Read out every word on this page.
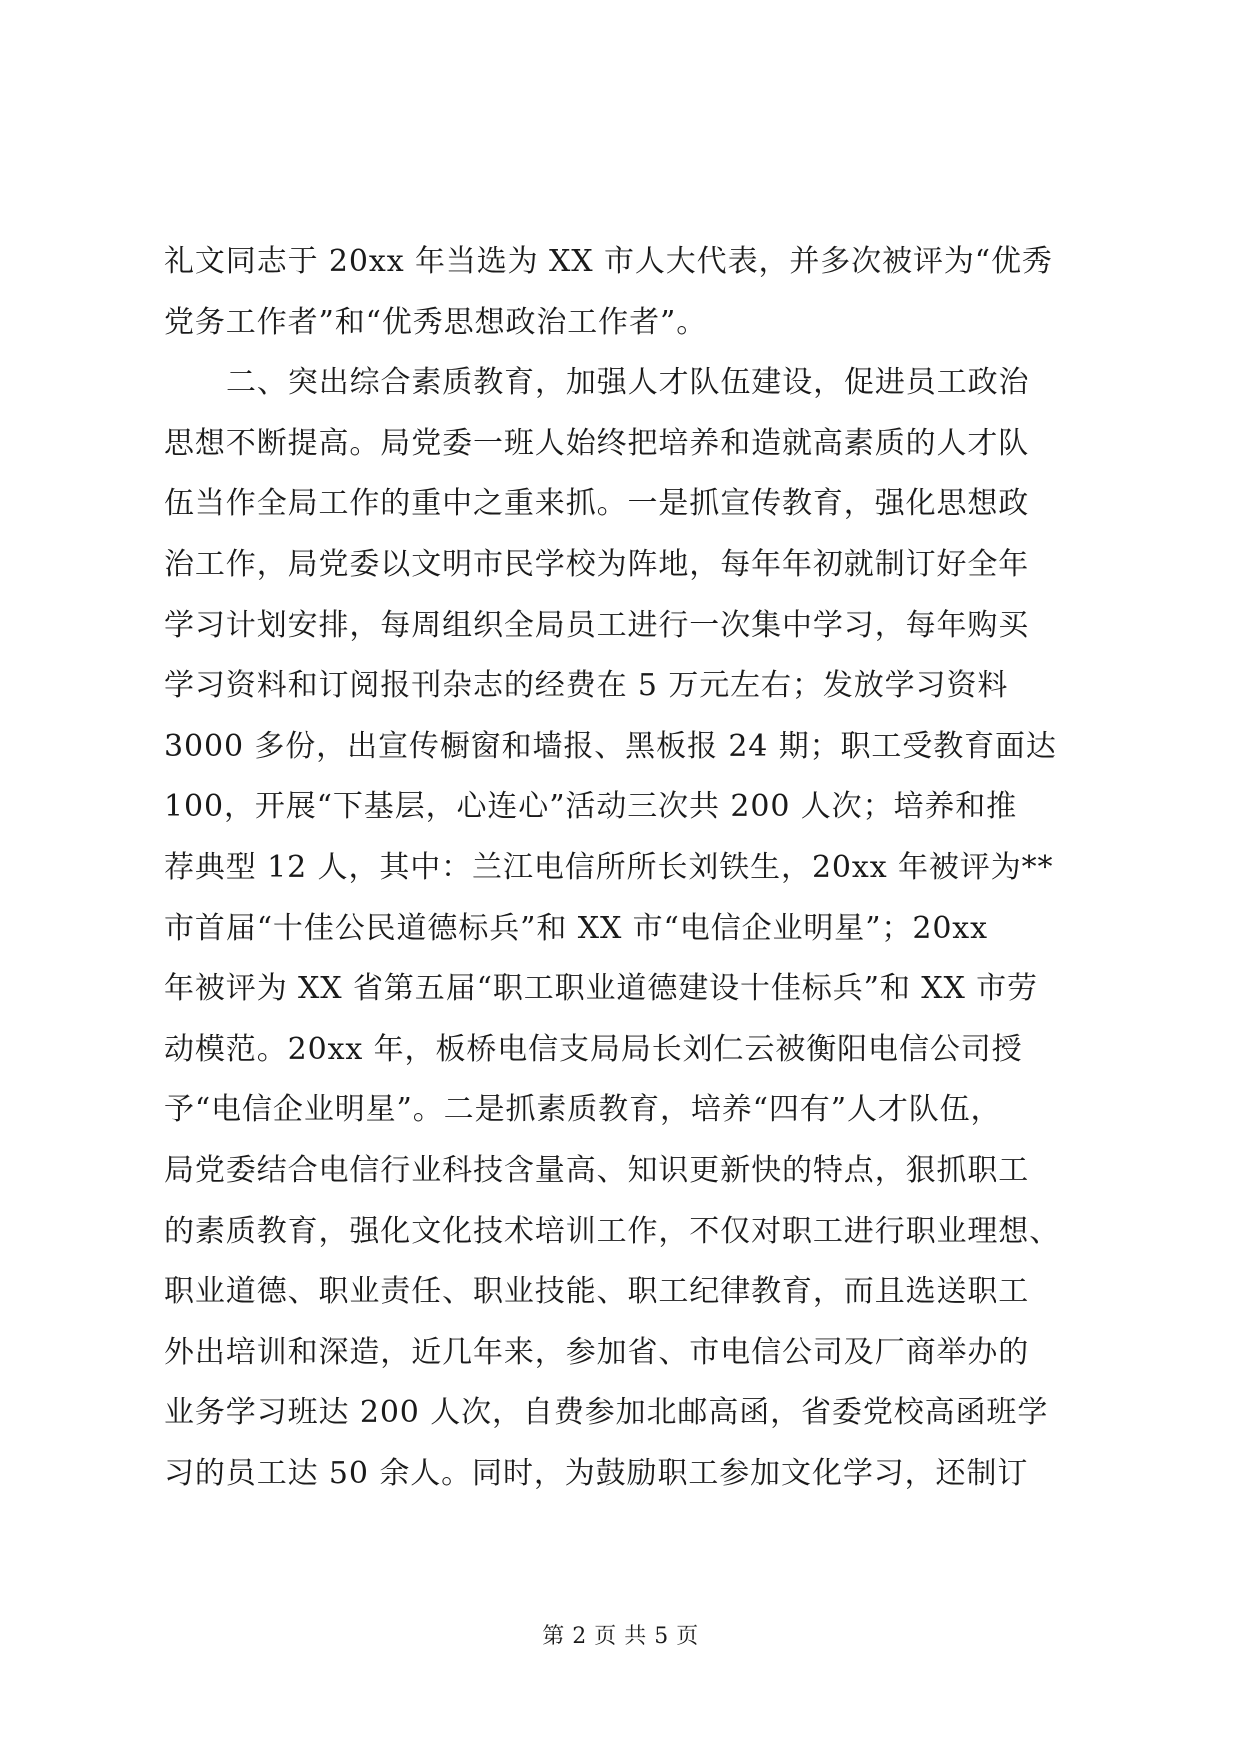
礼文同志于 20xx 年当选为 XX 市人大代表，并多次被评为“优秀
党务工作者”和“优秀思想政治工作者”。
二、突出综合素质教育，加强人才队伍建设，促进员工政治
思想不断提高。局党委一班人始终把培养和造就高素质的人才队
伍当作全局工作的重中之重来抓。一是抓宣传教育，强化思想政
治工作，局党委以文明市民学校为阵地，每年年初就制订好全年
学习计划安排，每周组织全局员工进行一次集中学习，每年购买
学习资料和订阅报刊杂志的经费在 5 万元左右；发放学习资料
3000 多份，出宣传橱窗和墙报、黑板报 24 期；职工受教育面达
100，开展“下基层，心连心”活动三次共 200 人次；培养和推
荐典型 12 人，其中：兰江电信所所长刘铁生，20xx 年被评为**
市首届“十佳公民道德标兵”和 XX 市“电信企业明星”；20xx
年被评为 XX 省第五届“职工职业道德建设十佳标兵”和 XX 市劳
动模范。20xx 年，板桥电信支局局长刘仁云被衡阳电信公司授
予“电信企业明星”。二是抓素质教育，培养“四有”人才队伍，
局党委结合电信行业科技含量高、知识更新快的特点，狠抓职工
的素质教育，强化文化技术培训工作，不仅对职工进行职业理想、
职业道德、职业责任、职业技能、职工纪律教育，而且选送职工
外出培训和深造，近几年来，参加省、市电信公司及厂商举办的
业务学习班达 200 人次，自费参加北邮高函，省委党校高函班学
习的员工达 50 余人。同时，为鼓励职工参加文化学习，还制订
第 2 页 共 5 页
